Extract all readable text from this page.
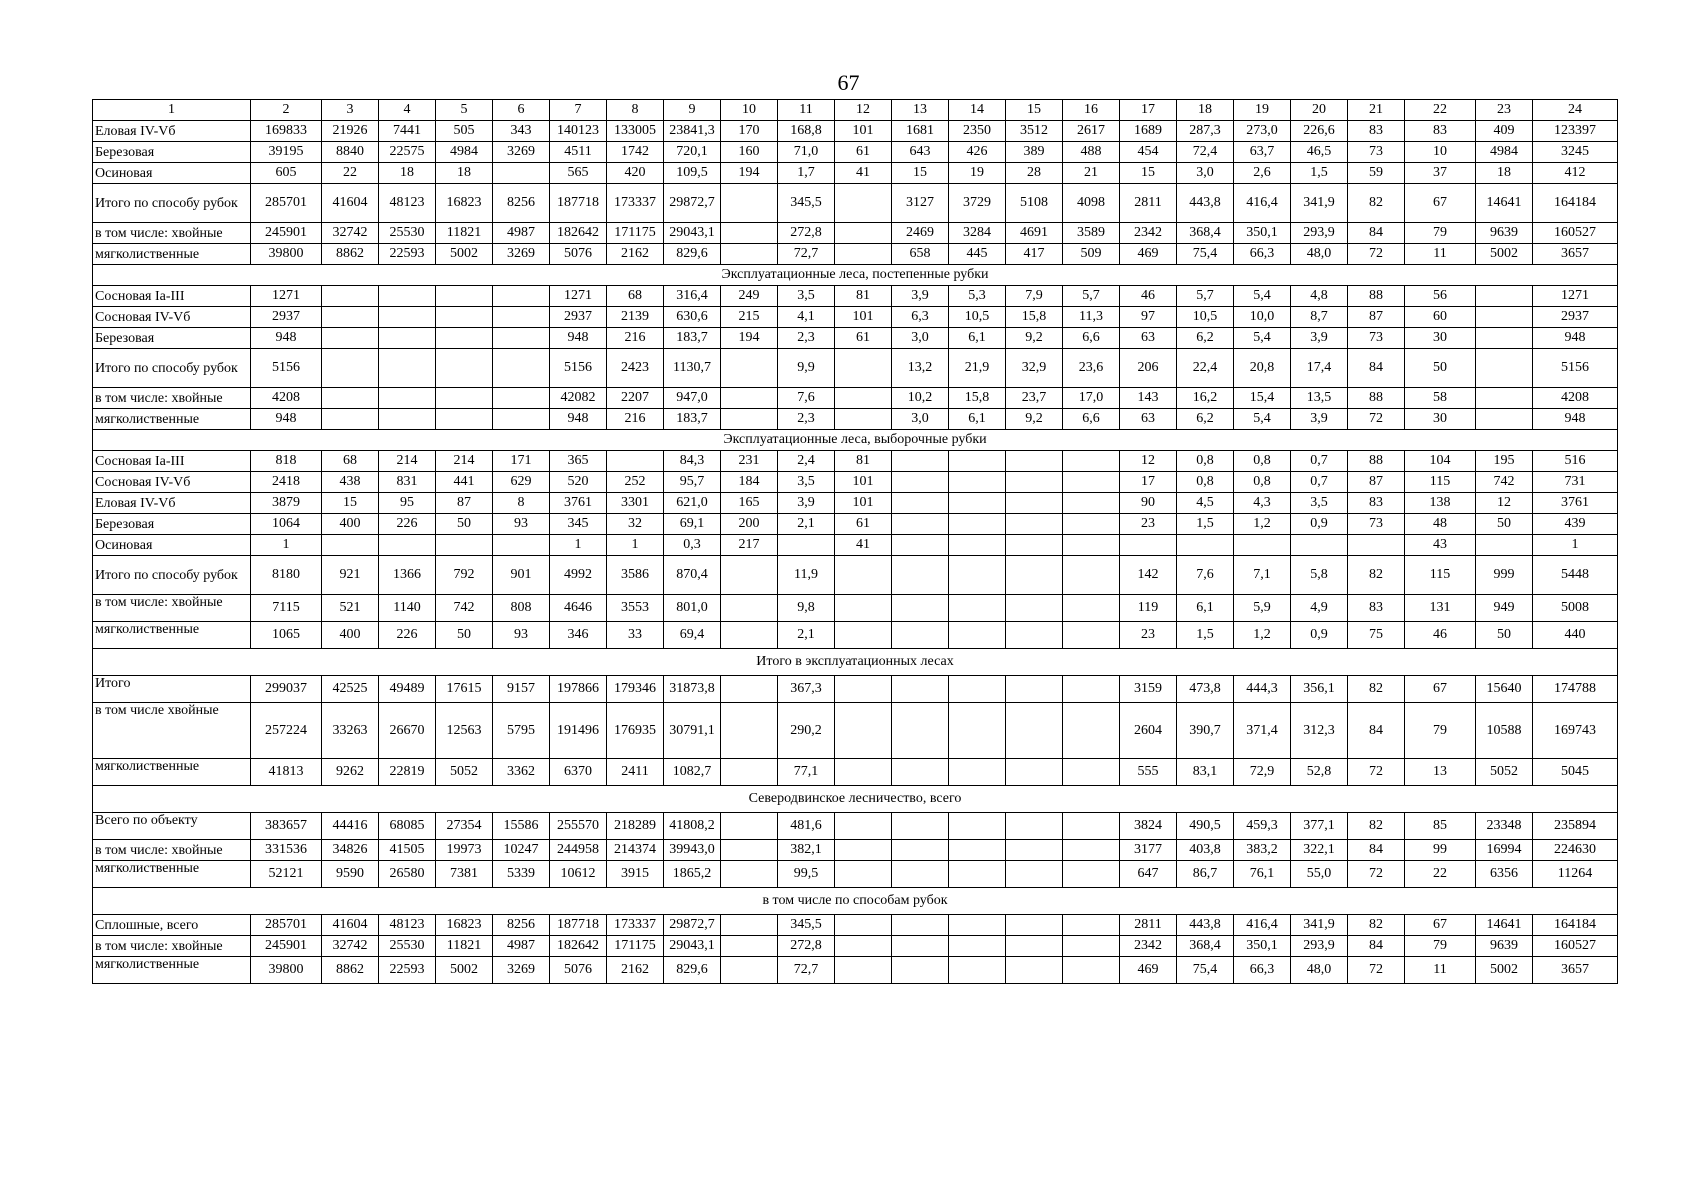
67
1	2	3	4	5	6	7	8	9	10	11	12	13	14	15	16	17	18	19	20	21	22	23	24
Еловая IV-Vб	169833	21926	7441	505	343	140123	133005	23841,3	170	168,8	101	1681	2350	3512	2617	1689	287,3	273,0	226,6	83	83	409	123397
Березовая	39195	8840	22575	4984	3269	4511	1742	720,1	160	71,0	61	643	426	389	488	454	72,4	63,7	46,5	73	10	4984	3245
Осиновая	605	22	18	18		565	420	109,5	194	1,7	41	15	19	28	21	15	3,0	2,6	1,5	59	37	18	412
Итого по способу рубок	285701	41604	48123	16823	8256	187718	173337	29872,7		345,5		3127	3729	5108	4098	2811	443,8	416,4	341,9	82	67	14641	164184
в том числе: хвойные	245901	32742	25530	11821	4987	182642	171175	29043,1		272,8		2469	3284	4691	3589	2342	368,4	350,1	293,9	84	79	9639	160527
мягколиственные	39800	8862	22593	5002	3269	5076	2162	829,6		72,7		658	445	417	509	469	75,4	66,3	48,0	72	11	5002	3657
Эксплуатационные леса, постепенные рубки																							
Сосновая Ia-III	1271					1271	68	316,4	249	3,5	81	3,9	5,3	7,9	5,7	46	5,7	5,4	4,8	88	56		1271
Сосновая IV-Vб	2937					2937	2139	630,6	215	4,1	101	6,3	10,5	15,8	11,3	97	10,5	10,0	8,7	87	60		2937
Березовая	948					948	216	183,7	194	2,3	61	3,0	6,1	9,2	6,6	63	6,2	5,4	3,9	73	30		948
Итого по способу рубок	5156					5156	2423	1130,7		9,9		13,2	21,9	32,9	23,6	206	22,4	20,8	17,4	84	50		5156
в том числе: хвойные	4208					42082	2207	947,0		7,6		10,2	15,8	23,7	17,0	143	16,2	15,4	13,5	88	58		4208
мягколиственные	948					948	216	183,7		2,3		3,0	6,1	9,2	6,6	63	6,2	5,4	3,9	72	30		948
Эксплуатационные леса, выборочные рубки																							
Сосновая Ia-III	818	68	214	214	171	365		84,3	231	2,4	81					12	0,8	0,8	0,7	88	104	195	516
Сосновая IV-Vб	2418	438	831	441	629	520	252	95,7	184	3,5	101					17	0,8	0,8	0,7	87	115	742	731
Еловая IV-Vб	3879	15	95	87	8	3761	3301	621,0	165	3,9	101					90	4,5	4,3	3,5	83	138	12	3761
Березовая	1064	400	226	50	93	345	32	69,1	200	2,1	61					23	1,5	1,2	0,9	73	48	50	439
Осиновая	1					1	1	0,3	217		41										43		1
Итого по способу рубок	8180	921	1366	792	901	4992	3586	870,4		11,9						142	7,6	7,1	5,8	82	115	999	5448
в том числе: хвойные	7115	521	1140	742	808	4646	3553	801,0		9,8						119	6,1	5,9	4,9	83	131	949	5008
мягколиственные	1065	400	226	50	93	346	33	69,4		2,1						23	1,5	1,2	0,9	75	46	50	440
Итого в эксплуатационных лесах																							
Итого	299037	42525	49489	17615	9157	197866	179346	31873,8		367,3						3159	473,8	444,3	356,1	82	67	15640	174788
в том числе хвойные	257224	33263	26670	12563	5795	191496	176935	30791,1		290,2						2604	390,7	371,4	312,3	84	79	10588	169743
мягколиственные	41813	9262	22819	5052	3362	6370	2411	1082,7		77,1						555	83,1	72,9	52,8	72	13	5052	5045
Северодвинское лесничество, всего																							
Всего по объекту	383657	44416	68085	27354	15586	255570	218289	41808,2		481,6						3824	490,5	459,3	377,1	82	85	23348	235894
в том числе: хвойные	331536	34826	41505	19973	10247	244958	214374	39943,0		382,1						3177	403,8	383,2	322,1	84	99	16994	224630
мягколиственные	52121	9590	26580	7381	5339	10612	3915	1865,2		99,5						647	86,7	76,1	55,0	72	22	6356	11264
в том числе по способам рубок																							
Сплошные, всего	285701	41604	48123	16823	8256	187718	173337	29872,7		345,5						2811	443,8	416,4	341,9	82	67	14641	164184
в том числе: хвойные	245901	32742	25530	11821	4987	182642	171175	29043,1		272,8						2342	368,4	350,1	293,9	84	79	9639	160527
мягколиственные	39800	8862	22593	5002	3269	5076	2162	829,6		72,7						469	75,4	66,3	48,0	72	11	5002	3657
